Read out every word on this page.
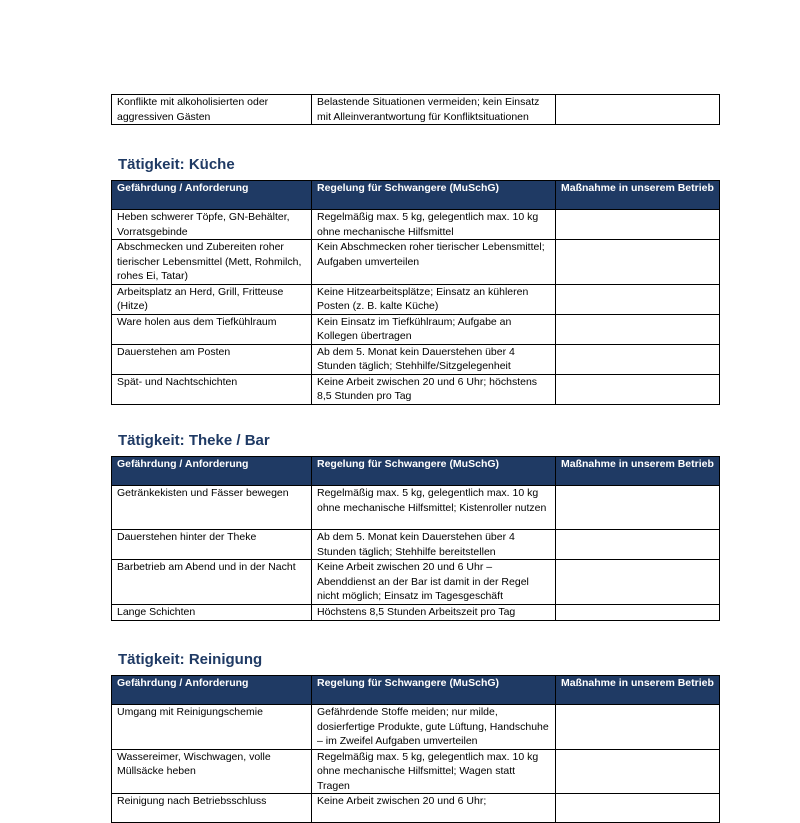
Konflikte mit alkoholisierten oder aggressiven Gästen	Belastende Situationen vermeiden; kein Einsatz mit Alleinverantwortung für Konfliktsituationen	
Tätigkeit: Küche
Gefährdung / Anforderung	Regelung für Schwangere (MuSchG)	Maßnahme in unserem Betrieb
Heben schwerer Töpfe, GN-Behälter, Vorratsgebinde	Regelmäßig max. 5 kg, gelegentlich max. 10 kg ohne mechanische Hilfsmittel	
Abschmecken und Zubereiten roher tierischer Lebensmittel (Mett, Rohmilch, rohes Ei, Tatar)	Kein Abschmecken roher tierischer Lebensmittel; Aufgaben umverteilen	
Arbeitsplatz an Herd, Grill, Fritteuse (Hitze)	Keine Hitzearbeitsplätze; Einsatz an kühleren Posten (z. B. kalte Küche)	
Ware holen aus dem Tiefkühlraum	Kein Einsatz im Tiefkühlraum; Aufgabe an Kollegen übertragen	
Dauerstehen am Posten	Ab dem 5. Monat kein Dauerstehen über 4 Stunden täglich; Stehhilfe/Sitzgelegenheit	
Spät- und Nachtschichten	Keine Arbeit zwischen 20 und 6 Uhr; höchstens 8,5 Stunden pro Tag	
Tätigkeit: Theke / Bar
Gefährdung / Anforderung	Regelung für Schwangere (MuSchG)	Maßnahme in unserem Betrieb
Getränkekisten und Fässer bewegen	Regelmäßig max. 5 kg, gelegentlich max. 10 kg ohne mechanische Hilfsmittel; Kistenroller nutzen	
Dauerstehen hinter der Theke	Ab dem 5. Monat kein Dauerstehen über 4 Stunden täglich; Stehhilfe bereitstellen	
Barbetrieb am Abend und in der Nacht	Keine Arbeit zwischen 20 und 6 Uhr – Abenddienst an der Bar ist damit in der Regel nicht möglich; Einsatz im Tagesgeschäft	
Lange Schichten	Höchstens 8,5 Stunden Arbeitszeit pro Tag	
Tätigkeit: Reinigung
Gefährdung / Anforderung	Regelung für Schwangere (MuSchG)	Maßnahme in unserem Betrieb
Umgang mit Reinigungschemie	Gefährdende Stoffe meiden; nur milde, dosierfertige Produkte, gute Lüftung, Handschuhe – im Zweifel Aufgaben umverteilen	
Wassereimer, Wischwagen, volle Müllsäcke heben	Regelmäßig max. 5 kg, gelegentlich max. 10 kg ohne mechanische Hilfsmittel; Wagen statt Tragen	
Reinigung nach Betriebsschluss	Keine Arbeit zwischen 20 und 6 Uhr;	
